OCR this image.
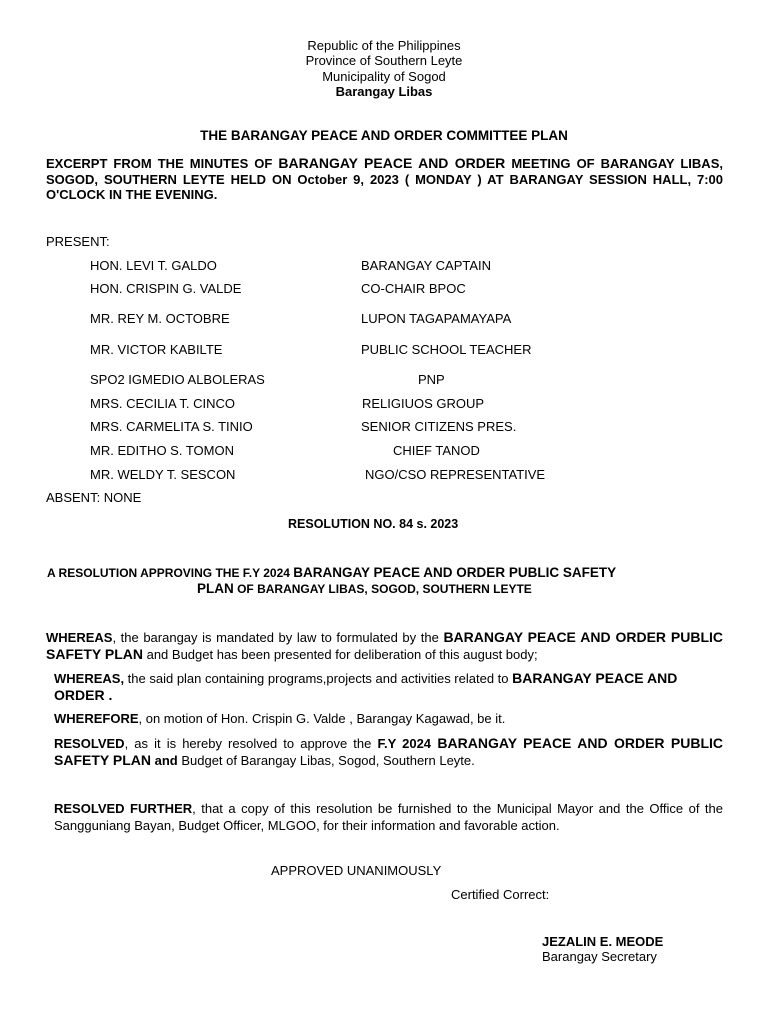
Republic of the Philippines
Province of Southern Leyte
Municipality of Sogod
Barangay Libas
THE BARANGAY PEACE AND ORDER COMMITTEE PLAN
EXCERPT FROM THE MINUTES OF BARANGAY PEACE AND ORDER MEETING OF BARANGAY LIBAS, SOGOD, SOUTHERN LEYTE HELD ON October 9, 2023 ( MONDAY ) AT BARANGAY SESSION HALL, 7:00 O'CLOCK IN THE EVENING.
PRESENT:
HON. LEVI T. GALDO	BARANGAY CAPTAIN
HON. CRISPIN G. VALDE	CO-CHAIR BPOC
MR. REY M. OCTOBRE	LUPON TAGAPAMAYAPA
MR. VICTOR KABILTE	PUBLIC SCHOOL TEACHER
SPO2 IGMEDIO ALBOLERAS	PNP
MRS. CECILIA T. CINCO	RELIGIUOS GROUP
MRS. CARMELITA S. TINIO	SENIOR CITIZENS PRES.
MR. EDITHO S. TOMON	CHIEF TANOD
MR. WELDY T. SESCON	NGO/CSO REPRESENTATIVE
ABSENT: NONE
RESOLUTION NO. 84 s. 2023
A RESOLUTION APPROVING THE F.Y 2024 BARANGAY PEACE AND ORDER PUBLIC SAFETY
PLAN OF BARANGAY LIBAS, SOGOD, SOUTHERN LEYTE
WHEREAS, the barangay is mandated by law to formulated by the BARANGAY PEACE AND ORDER PUBLIC SAFETY PLAN and Budget has been presented for deliberation of this august body;
WHEREAS, the said plan containing programs,projects and activities related to BARANGAY PEACE AND ORDER .
WHEREFORE, on motion of Hon. Crispin G. Valde , Barangay Kagawad, be it.
RESOLVED, as it is hereby resolved to approve the F.Y 2024 BARANGAY PEACE AND ORDER PUBLIC SAFETY PLAN and Budget of Barangay Libas, Sogod, Southern Leyte.
RESOLVED FURTHER, that a copy of this resolution be furnished to the Municipal Mayor and the Office of the Sangguniang Bayan, Budget Officer, MLGOO, for their information and favorable action.
APPROVED UNANIMOUSLY
Certified Correct:
JEZALIN E. MEODE
Barangay Secretary
